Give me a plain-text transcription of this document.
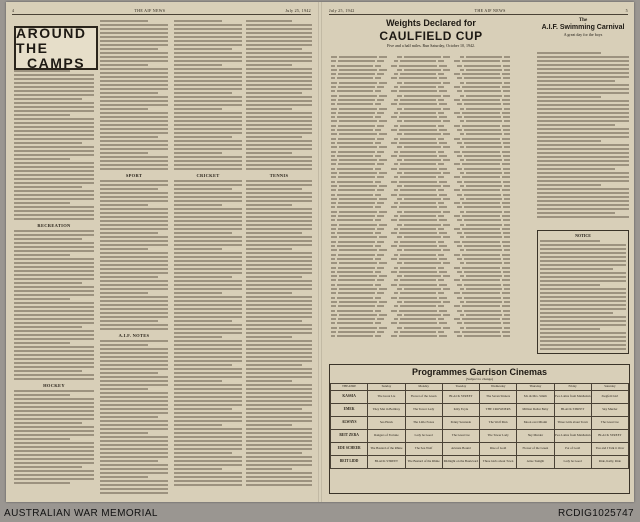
4	THE AIF NEWS	July 25, 1942
AROUND THE
CAMPS
RECREATION
HOCKEY
SPORT
A.I.F. NOTES
CRICKET	TENNIS
July 25, 1942	THE AIF NEWS	5
Weights Declared for
CAULFIELD CUP
Five and a half miles. Run Saturday, October 10, 1942.
The
A.I.F. Swimming Carnival
A great day for the boys
NOTICE
Programmes Garrison Cinemas
(Subject to change)
THEATRE	Sunday	Monday	Tuesday	Wednesday	Thursday	Friday	Saturday
KASSIA	The Great Lie	Flower of the Green	BLACK STREET	The Seven Sinners	Mr. & Mrs. Smith	Two Latins from Manhattan	Ziegfeld Girl
EMEK	They Met in Bombay	The Tower Lady	Kitty Foyle	THE CROWDERS	Million Dollar Baby	BLACK STREET	Sky Murder
ALWAYS	Sea Hawk	The Little Foxes	Penny Serenade	The Wolf Man	Moon over Miami	Three Girls about Town	The Great Lie
BEIT ZERA	Rangers of Fortune	Lady be Good	The Great Lie	The Tower Lady	Sky Murder	Two Latins from Manhattan	BLACK STREET
EDE SCHEER	The Bastard of the Rhine	The Sea Wolf	Arizona Bound	Rise of Gold	Flower of the Green	Pot of Gold	You and I Talk it Over
BEIT LIDD	BLACK STREET	The Bastard of the Rhine	Midnight on the Boulevard	Three Girls about Town	Arise Tonight	Lady be Good	Ride, Kelly, Ride
AUSTRALIAN WAR MEMORIAL	RCDIG1025747
